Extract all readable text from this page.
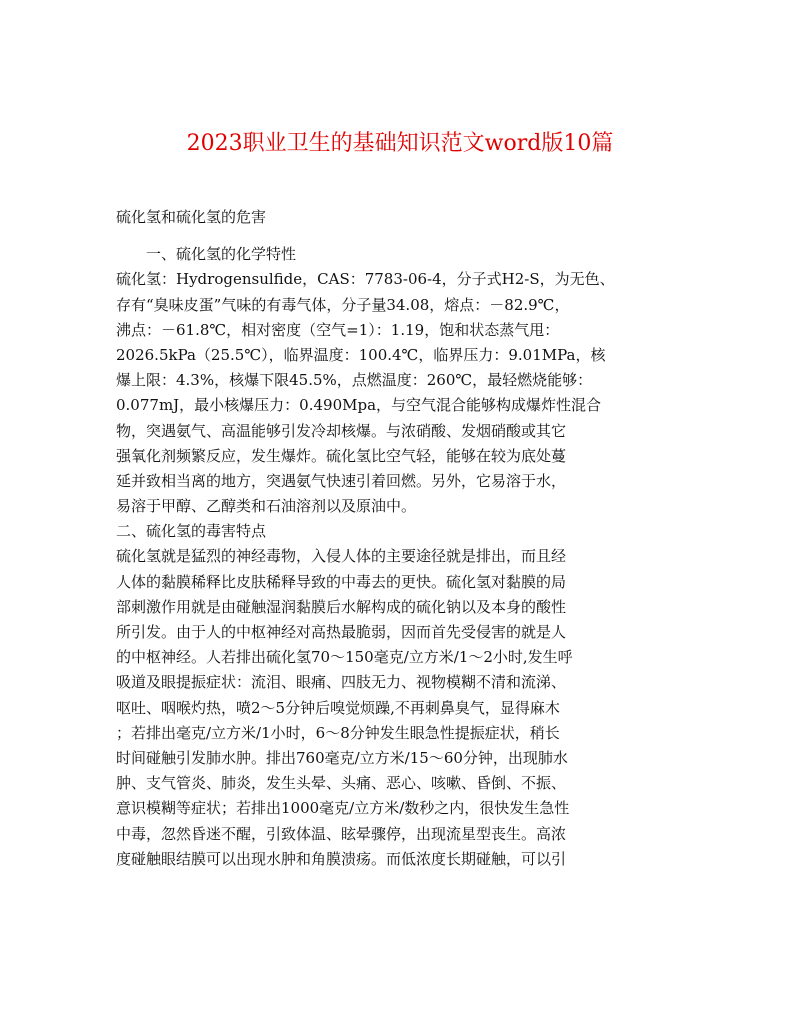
2023职业卫生的基础知识范文word版10篇
硫化氢和硫化氢的危害
一、硫化氢的化学特性
硫化氢：Hydrogensulfide，CAS：7783-06-4，分子式H2-S，为无色、
存有“臭味皮蛋”气味的有毒气体，分子量34.08，熔点：－82.9℃，
沸点：－61.8℃，相对密度（空气=1）：1.19，饱和状态蒸气甩：
2026.5kPa（25.5℃），临界温度：100.4℃，临界压力：9.01MPa，核
爆上限：4.3%，核爆下限45.5%，点燃温度：260℃，最轻燃烧能够：
0.077mJ，最小核爆压力：0.490Mpa，与空气混合能够构成爆炸性混合
物，突遇氨气、高温能够引发冷却核爆。与浓硝酸、发烟硝酸或其它
强氧化剂频繁反应，发生爆炸。硫化氢比空气轻，能够在较为底处蔓
延并致相当离的地方，突遇氨气快速引着回燃。另外，它易溶于水，
易溶于甲醇、乙醇类和石油溶剂以及原油中。
二、硫化氢的毒害特点
硫化氢就是猛烈的神经毒物，入侵人体的主要途径就是排出，而且经
人体的黏膜稀释比皮肤稀释导致的中毒去的更快。硫化氢对黏膜的局
部刺激作用就是由碰触湿润黏膜后水解构成的硫化钠以及本身的酸性
所引发。由于人的中枢神经对高热最脆弱，因而首先受侵害的就是人
的中枢神经。人若排出硫化氢70～150毫克/立方米/1～2小时,发生呼
吸道及眼提振症状：流泪、眼痛、四肢无力、视物模糊不清和流涕、
呕吐、咽喉灼热，喷2～5分钟后嗅觉烦躁,不再刺鼻臭气，显得麻木
；若排出毫克/立方米/1小时，6～8分钟发生眼急性提振症状，稍长
时间碰触引发肺水肿。排出760毫克/立方米/15～60分钟，出现肺水
肿、支气管炎、肺炎，发生头晕、头痛、恶心、咳嗽、昏倒、不振、
意识模糊等症状；若排出1000毫克/立方米/数秒之内，很快发生急性
中毒，忽然昏迷不醒，引致体温、眩晕骤停，出现流星型丧生。高浓
度碰触眼结膜可以出现水肿和角膜溃疡。而低浓度长期碰触，可以引
